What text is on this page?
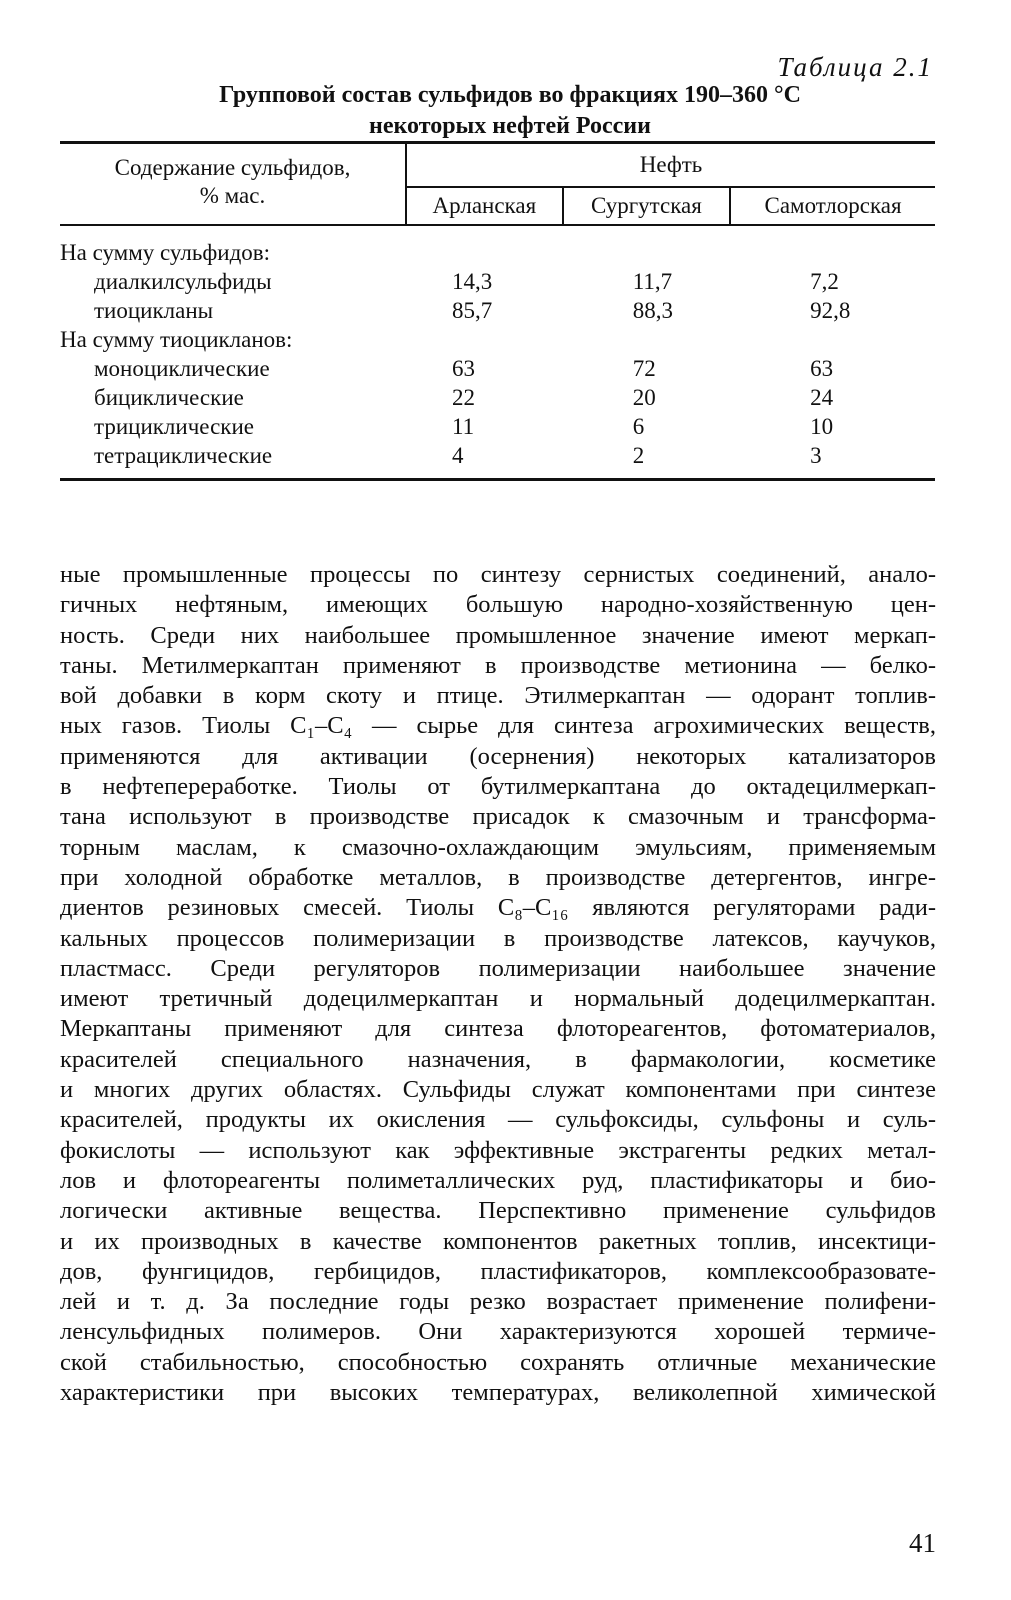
Таблица 2.1
Групповой состав сульфидов во фракциях 190–360 °С
некоторых нефтей России
Содержание сульфидов,
% мас.	Нефть		
	Арланская	Сургутская	Самотлорская

На сумму сульфидов:			
диалкилсульфиды	14,3	11,7	7,2
тиоцикланы	85,7	88,3	92,8
На сумму тиоцикланов:			
моноциклические	63	72	63
бициклические	22	20	24
трициклические	11	6	10
тетрациклические	4	2	3
ные промышленные процессы по синтезу сернистых соединений, анало-
гичных нефтяным, имеющих большую народно-хозяйственную цен-
ность. Среди них наибольшее промышленное значение имеют меркап-
таны. Метилмеркаптан применяют в производстве метионина — белко-
вой добавки в корм скоту и птице. Этилмеркаптан — одорант топлив-
ных газов. Тиолы C₁–C₄ — сырье для синтеза агрохимических веществ,
применяются для активации (осернения) некоторых катализаторов
в нефтепереработке. Тиолы от бутилмеркаптана до октадецилмеркап-
тана используют в производстве присадок к смазочным и трансформа-
торным маслам, к смазочно-охлаждающим эмульсиям, применяемым
при холодной обработке металлов, в производстве детергентов, ингре-
диентов резиновых смесей. Тиолы C₈–C₁₆ являются регуляторами ради-
кальных процессов полимеризации в производстве латексов, каучуков,
пластмасс. Среди регуляторов полимеризации наибольшее значение
имеют третичный додецилмеркаптан и нормальный додецилмеркаптан.
Меркаптаны применяют для синтеза флотореагентов, фотоматериалов,
красителей специального назначения, в фармакологии, косметике
и многих других областях. Сульфиды служат компонентами при синтезе
красителей, продукты их окисления — сульфоксиды, сульфоны и суль-
фокислоты — используют как эффективные экстрагенты редких метал-
лов и флотореагенты полиметаллических руд, пластификаторы и био-
логически активные вещества. Перспективно применение сульфидов
и их производных в качестве компонентов ракетных топлив, инсектици-
дов, фунгицидов, гербицидов, пластификаторов, комплексообразовате-
лей и т. д. За последние годы резко возрастает применение полифени-
ленсульфидных полимеров. Они характеризуются хорошей термиче-
ской стабильностью, способностью сохранять отличные механические
характеристики при высоких температурах, великолепной химической
41
